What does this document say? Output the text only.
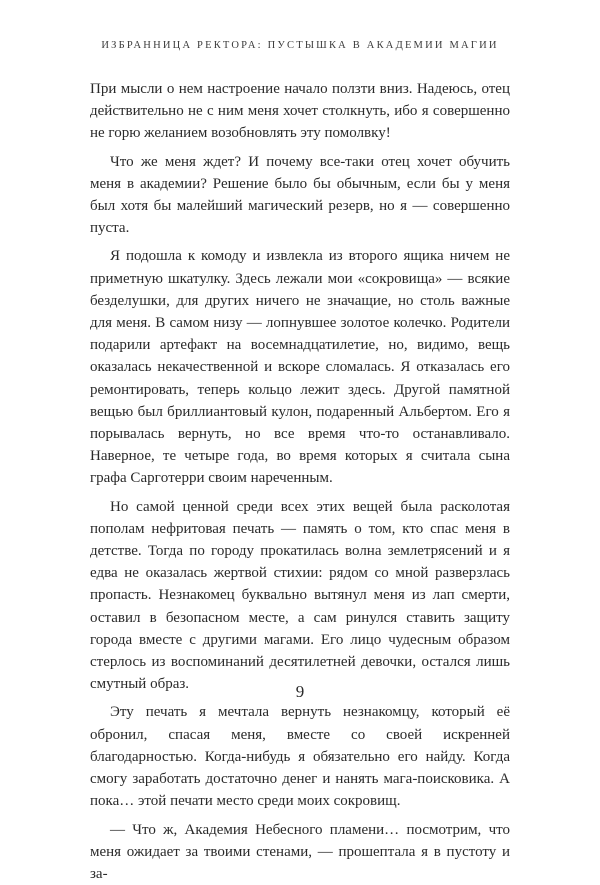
ИЗБРАННИЦА РЕКТОРА: ПУСТЫШКА В АКАДЕМИИ МАГИИ

При мысли о нем настроение начало ползти вниз. Надеюсь, отец действительно не с ним меня хочет столкнуть, ибо я совершенно не горю желанием возобновлять эту помолвку!

Что же меня ждет? И почему все-таки отец хочет обучить меня в академии? Решение было бы обычным, если бы у меня был хотя бы малейший магический резерв, но я — совершенно пуста.

Я подошла к комоду и извлекла из второго ящика ничем не приметную шкатулку. Здесь лежали мои «сокровища» — всякие безделушки, для других ничего не значащие, но столь важные для меня. В самом низу — лопнувшее золотое колечко. Родители подарили артефакт на восемнадцатилетие, но, видимо, вещь оказалась некачественной и вскоре сломалась. Я отказалась его ремонтировать, теперь кольцо лежит здесь. Другой памятной вещью был бриллиантовый кулон, подаренный Альбертом. Его я порывалась вернуть, но все время что-то останавливало. Наверное, те четыре года, во время которых я считала сына графа Саргoтерри своим нареченным.

Но самой ценной среди всех этих вещей была расколотая пополам нефритовая печать — память о том, кто спас меня в детстве. Тогда по городу прокатилась волна землетрясений и я едва не оказалась жертвой стихии: рядом со мной разверзлась пропасть. Незнакомец буквально вытянул меня из лап смерти, оставил в безопасном месте, а сам ринулся ставить защиту города вместе с другими магами. Его лицо чудесным образом стерлось из воспоминаний десятилетней девочки, остался лишь смутный образ.

Эту печать я мечтала вернуть незнакомцу, который её обронил, спасая меня, вместе со своей искренней благодарностью. Когда-нибудь я обязательно его найду. Когда смогу заработать достаточно денег и нанять мага-поисковика. А пока… этой печати место среди моих сокровищ.

— Что ж, Академия Небесного пламени… посмотрим, что меня ожидает за твоими стенами, — прошептала я в пустоту и за-

9
